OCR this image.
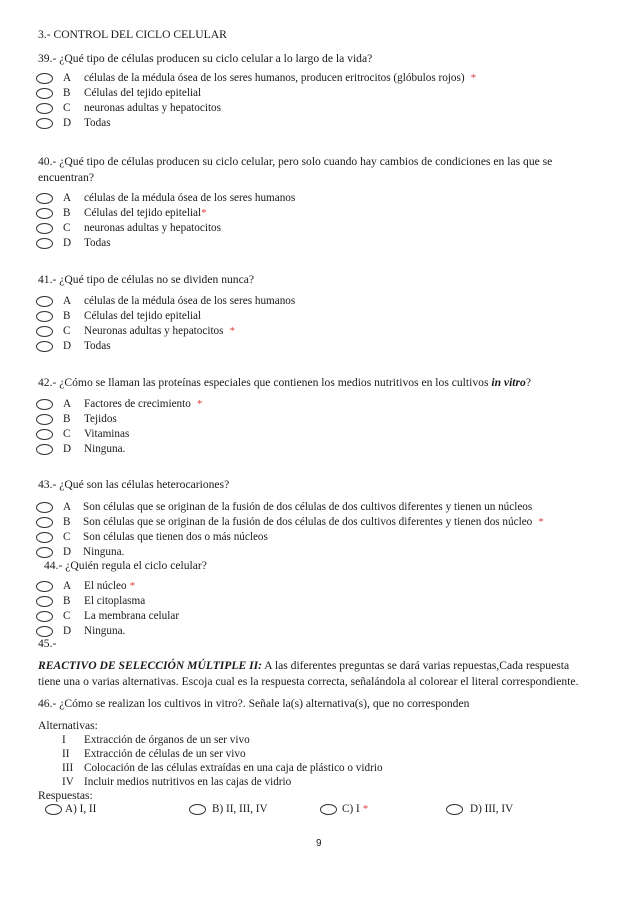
3.- CONTROL DEL CICLO CELULAR
39.- ¿Qué tipo de células producen su ciclo celular a lo largo de la vida?
A células de la médula ósea de los seres humanos, producen eritrocitos (glóbulos rojos) *
B Células del tejido epitelial
C neuronas adultas y hepatocitos
D Todas
40.- ¿Qué tipo de células producen su ciclo celular, pero solo cuando hay cambios de condiciones en las que se
encuentran?
A células de la médula ósea de los seres humanos
B Células del tejido epitelial*
C neuronas adultas y hepatocitos
D Todas
41.- ¿Qué tipo de células no se dividen nunca?
A células de la médula ósea de los seres humanos
B Células del tejido epitelial
C Neuronas adultas y hepatocitos *
D Todas
42.- ¿Cómo se llaman las proteínas especiales que contienen los medios nutritivos en los cultivos in vitro?
A Factores de crecimiento *
B Tejidos
C Vitaminas
D Ninguna.
43.- ¿Qué son las células heterocariones?
A Son células que se originan de la fusión de dos células de dos cultivos diferentes y tienen un núcleos
B Son células que se originan de la fusión de dos células de dos cultivos diferentes y tienen dos núcleo *
C Son células que tienen dos o más núcleos
D Ninguna.
44.- ¿Quién regula el ciclo celular?
A El núcleo *
B El citoplasma
C La membrana celular
D Ninguna.
45.-
REACTIVO DE SELECCIÓN MÚLTIPLE II: A las diferentes preguntas se dará varias repuestas,Cada respuesta
tiene una o varias alternativas. Escoja cual es la respuesta correcta, señalándola al colorear el literal correspondiente.
46.- ¿Cómo se realizan los cultivos in vitro?. Señale la(s) alternativa(s), que no corresponden
Alternativas:
I Extracción de órganos de un ser vivo
II Extracción de células de un ser vivo
III Colocación de las células extraídas en una caja de plástico o vidrio
IV Incluir medios nutritivos en las cajas de vidrio
Respuestas:
A) I, II	B) II, III, IV	C) I *	D) III, IV
9
